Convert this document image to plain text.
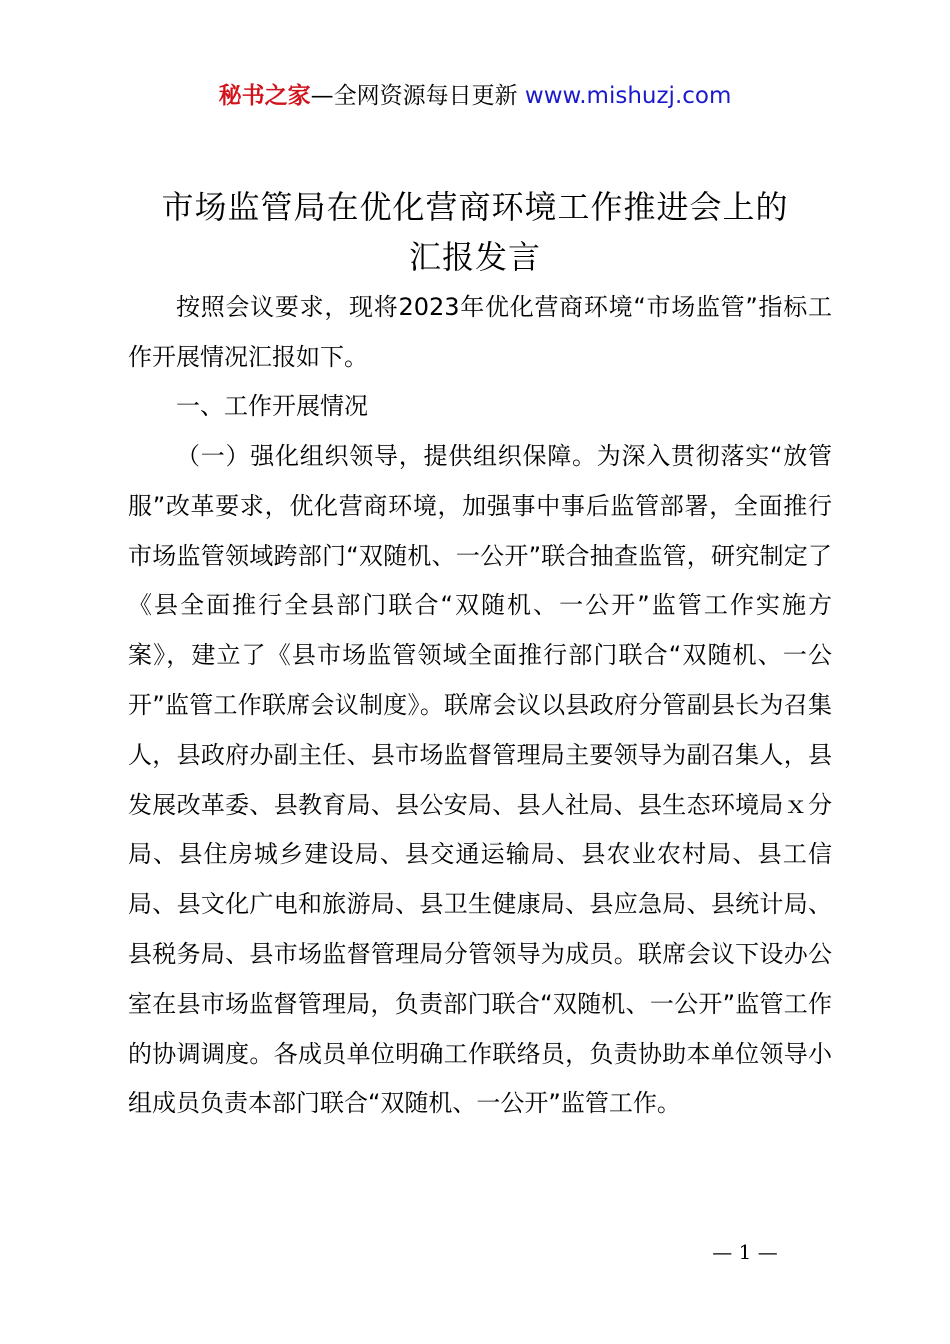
秘书之家—全网资源每日更新 www.mishuzj.com
市场监管局在优化营商环境工作推进会上的
汇报发言

按照会议要求，现将2023年优化营商环境“市场监管”指标工作开展情况汇报如下。

一、工作开展情况

（一）强化组织领导，提供组织保障。为深入贯彻落实“放管服”改革要求，优化营商环境，加强事中事后监管部署，全面推行市场监管领域跨部门“双随机、一公开”联合抽查监管，研究制定了《县全面推行全县部门联合“双随机、一公开”监管工作实施方案》，建立了《县市场监管领域全面推行部门联合“双随机、一公开”监管工作联席会议制度》。联席会议以县政府分管副县长为召集人，县政府办副主任、县市场监督管理局主要领导为副召集人，县发展改革委、县教育局、县公安局、县人社局、县生态环境局ｘ分局、县住房城乡建设局、县交通运输局、县农业农村局、县工信局、县文化广电和旅游局、县卫生健康局、县应急局、县统计局、县税务局、县市场监督管理局分管领导为成员。联席会议下设办公室在县市场监督管理局，负责部门联合“双随机、一公开”监管工作的协调调度。各成员单位明确工作联络员，负责协助本单位领导小组成员负责本部门联合“双随机、一公开”监管工作。

— 1 —
